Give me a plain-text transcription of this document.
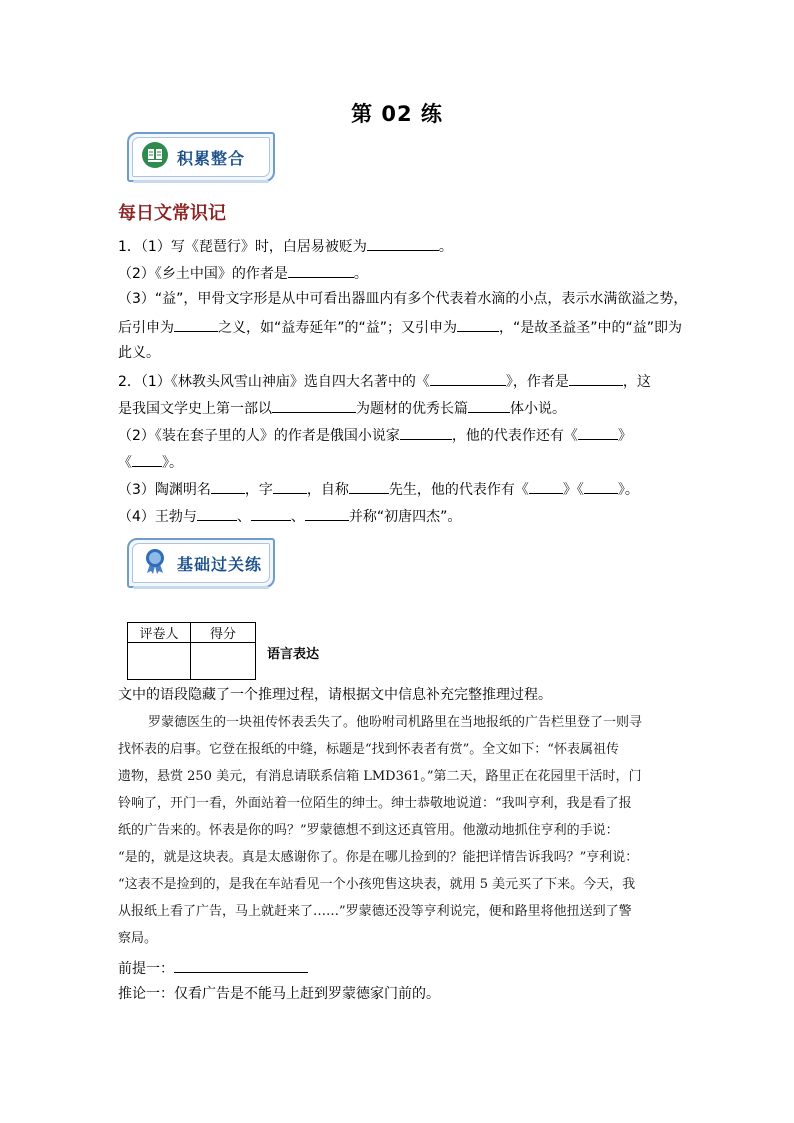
第 02 练
积累整合
每日文常识记
1．（1）写《琵琶行》时，白居易被贬为	。
（2）《乡土中国》的作者是	。
（3）“益”，甲骨文字形是从中可看出器皿内有多个代表着水滴的小点，表示水满欲溢之势，
后引申为	之义，如“益寿延年”的“益”；又引申为	，“是故圣益圣”中的“益”即为
此义。
2．（1）《林教头风雪山神庙》选自四大名著中的《	》，作者是	，这
是我国文学史上第一部以	为题材的优秀长篇	体小说。
（2）《装在套子里的人》的作者是俄国小说家	，他的代表作还有《	》
《 》。
（3）陶渊明名 ，字 ，自称	先生，他的代表作有《 》《 》。
（4）王勃与	、	、	并称“初唐四杰”。
基础过关练
评卷人	得分

语言表达
文中的语段隐藏了一个推理过程，请根据文中信息补充完整推理过程。
罗蒙德医生的一块祖传怀表丢失了。他吩咐司机路里在当地报纸的广告栏里登了一则寻
找怀表的启事。它登在报纸的中缝，标题是“找到怀表者有赏”。全文如下：“怀表属祖传
遗物，悬赏 250 美元，有消息请联系信箱 LMD361。”第二天，路里正在花园里干活时，门
铃响了，开门一看，外面站着一位陌生的绅士。绅士恭敬地说道：“我叫亨利，我是看了报
纸的广告来的。怀表是你的吗？”罗蒙德想不到这还真管用。他激动地抓住亨利的手说：
“是的，就是这块表。真是太感谢你了。你是在哪儿捡到的？能把详情告诉我吗？”亨利说：
“这表不是捡到的，是我在车站看见一个小孩兜售这块表，就用 5 美元买了下来。今天，我
从报纸上看了广告，马上就赶来了……”罗蒙德还没等亨利说完，便和路里将他扭送到了警
察局。
前提一：
推论一：仅看广告是不能马上赶到罗蒙德家门前的。
